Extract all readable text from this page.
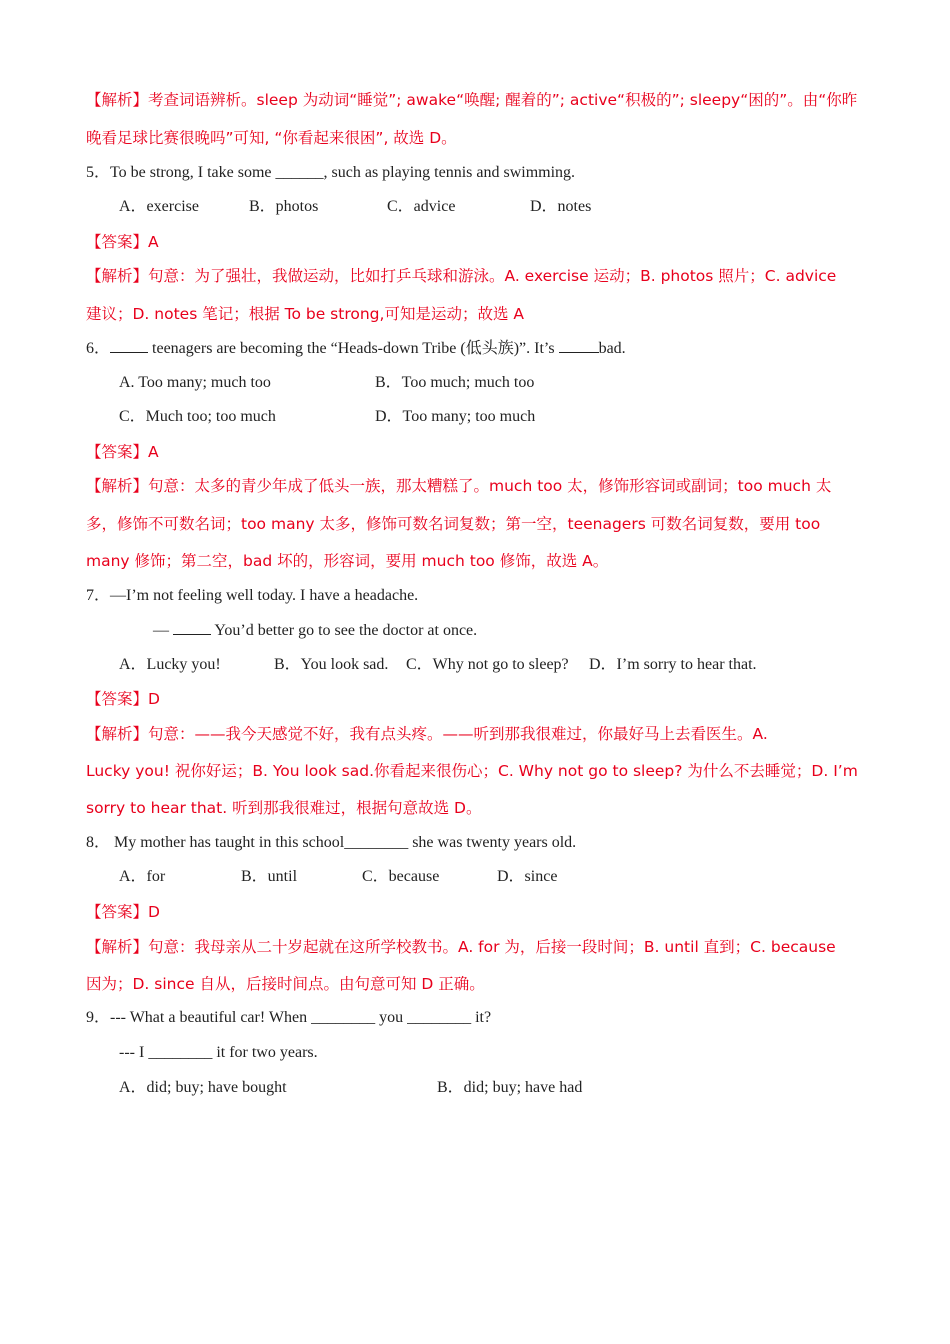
【解析】考查词语辨析。sleep 为动词“睡觉”; awake“唤醒; 醒着的”; active“积极的”; sleepy“困的”。由“你昨
晚看足球比赛很晚吗”可知, “你看起来很困”, 故选 D。
5．To be strong, I take some ______, such as playing tennis and swimming.
A．exercise	B．photos	C．advice	D．notes
【答案】A
【解析】句意：为了强壮，我做运动，比如打乒乓球和游泳。A. exercise 运动；B. photos 照片；C. advice
建议；D. notes 笔记；根据 To be strong,可知是运动；故选 A
6． teenagers are becoming the “Heads-down Tribe (低头族)”. It’s	bad.
A. Too many; much too	B．Too much; much too
C．Much too; too much	D．Too many; too much
【答案】A
【解析】句意：太多的青少年成了低头一族，那太糟糕了。much too 太，修饰形容词或副词；too much 太
多，修饰不可数名词；too many 太多，修饰可数名词复数；第一空，teenagers 可数名词复数，要用 too
many 修饰；第二空，bad 坏的，形容词，要用 much too 修饰，故选 A。
7．—I’m not feeling well today. I have a headache.
—  You’d better go to see the doctor at once.
A．Lucky you!	B．You look sad. C．Why not go to sleep? D．I’m sorry to hear that.
【答案】D
【解析】句意：——我今天感觉不好，我有点头疼。——听到那我很难过，你最好马上去看医生。A.
Lucky you! 祝你好运；B. You look sad.你看起来很伤心；C. Why not go to sleep? 为什么不去睡觉；D. I’m
sorry to hear that. 听到那我很难过，根据句意故选 D。
8． My mother has taught in this school________ she was twenty years old.
A．for	B．until	C．because	D．since
【答案】D
【解析】句意：我母亲从二十岁起就在这所学校教书。A. for 为，后接一段时间；B. until 直到；C. because
因为；D. since 自从，后接时间点。由句意可知 D 正确。
9．--- What a beautiful car! When ________ you ________ it?
--- I ________ it for two years.
A．did; buy; have bought	B．did; buy; have had
